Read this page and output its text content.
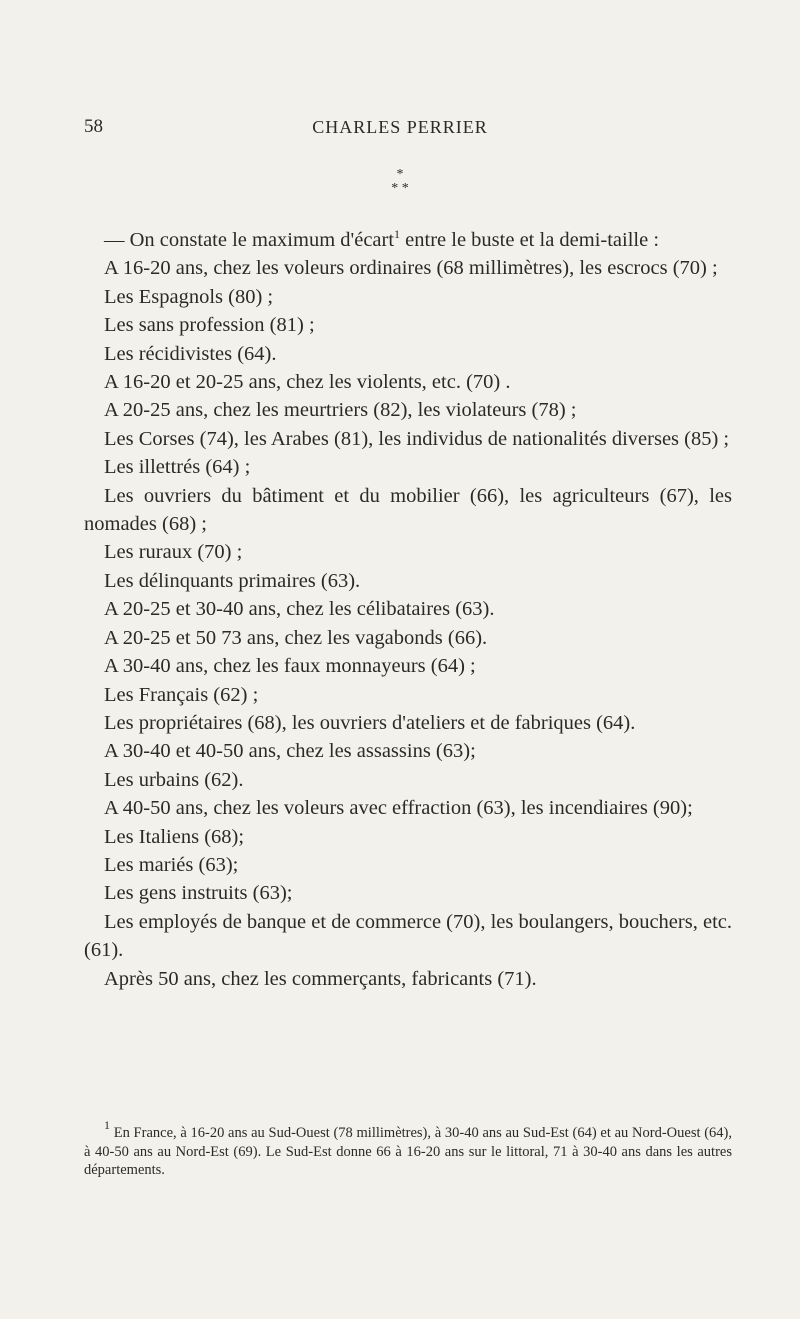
58	CHARLES PERRIER
*
* *

— On constate le maximum d'écart$^1$ entre le buste et la demi-taille :

A 16-20 ans, chez les voleurs ordinaires (68 millimètres), les escrocs (70) ;

Les Espagnols (80) ;

Les sans profession (81) ;

Les récidivistes (64).

A 16-20 et 20-25 ans, chez les violents, etc. (70) .

A 20-25 ans, chez les meurtriers (82), les violateurs (78) ;

Les Corses (74), les Arabes (81), les individus de nationalités diverses (85) ;

Les illettrés (64) ;

Les ouvriers du bâtiment et du mobilier (66), les agriculteurs (67), les nomades (68) ;

Les ruraux (70) ;

Les délinquants primaires (63).

A 20-25 et 30-40 ans, chez les célibataires (63).

A 20-25 et 50 73 ans, chez les vagabonds (66).

A 30-40 ans, chez les faux monnayeurs (64) ;

Les Français (62) ;

Les propriétaires (68), les ouvriers d'ateliers et de fabriques (64).

A 30-40 et 40-50 ans, chez les assassins (63);

Les urbains (62).

A 40-50 ans, chez les voleurs avec effraction (63), les incendiaires (90);

Les Italiens (68);

Les mariés (63);

Les gens instruits (63);

Les employés de banque et de commerce (70), les boulangers, bouchers, etc. (61).

Après 50 ans, chez les commerçants, fabricants (71).

$^1$ En France, à 16-20 ans au Sud-Ouest (78 millimètres), à 30-40 ans au Sud-Est (64) et au Nord-Ouest (64), à 40-50 ans au Nord-Est (69). Le Sud-Est donne 66 à 16-20 ans sur le littoral, 71 à 30-40 ans dans les autres départements.
